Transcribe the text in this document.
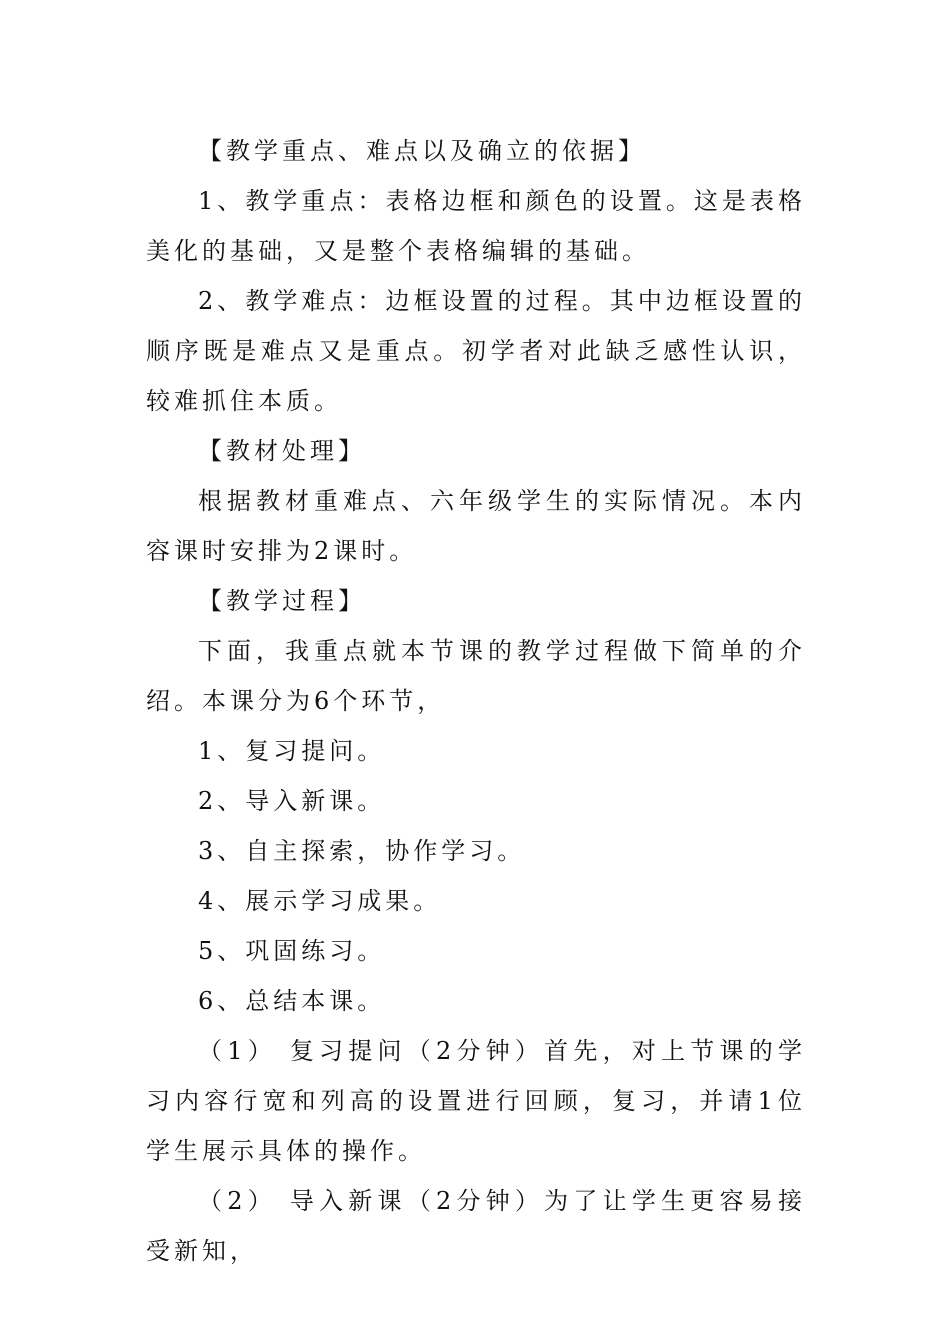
【教学重点、难点以及确立的依据】

1、教学重点：表格边框和颜色的设置。这是表格美化的基础，又是整个表格编辑的基础。

2、教学难点：边框设置的过程。其中边框设置的顺序既是难点又是重点。初学者对此缺乏感性认识，较难抓住本质。

【教材处理】

根据教材重难点、六年级学生的实际情况。本内容课时安排为2课时。

【教学过程】

下面，我重点就本节课的教学过程做下简单的介绍。本课分为6个环节，

1、复习提问。

2、导入新课。

3、自主探索，协作学习。

4、展示学习成果。

5、巩固练习。

6、总结本课。

（1） 复习提问（2分钟）首先，对上节课的学习内容行宽和列高的设置进行回顾，复习，并请1位学生展示具体的操作。

（2） 导入新课（2分钟）为了让学生更容易接受新知，
